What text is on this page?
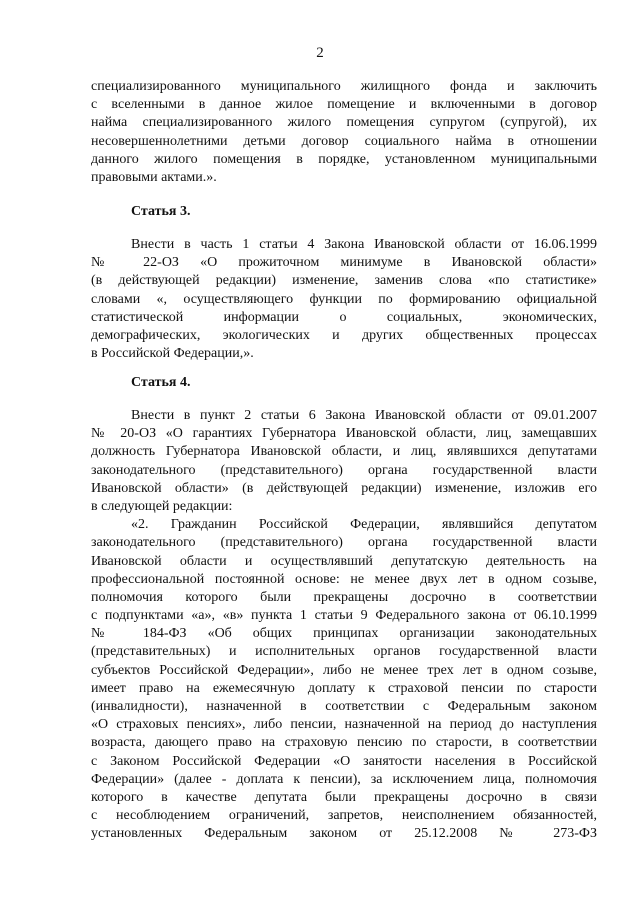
2
специализированного муниципального жилищного фонда и заключить
с вселенными в данное жилое помещение и включенными в договор
найма специализированного жилого помещения супругом (супругой), их
несовершеннолетними детьми договор социального найма в отношении
данного жилого помещения в порядке, установленном муниципальными
правовыми актами.».
Статья 3.
Внести в часть 1 статьи 4 Закона Ивановской области от 16.06.1999
№ 22-ОЗ «О прожиточном минимуме в Ивановской области»
(в действующей редакции) изменение, заменив слова «по статистике»
словами «, осуществляющего функции по формированию официальной
статистической информации о социальных, экономических,
демографических, экологических и других общественных процессах
в Российской Федерации,».
Статья 4.
Внести в пункт 2 статьи 6 Закона Ивановской области от 09.01.2007
№ 20-ОЗ «О гарантиях Губернатора Ивановской области, лиц, замещавших
должность Губернатора Ивановской области, и лиц, являвшихся депутатами
законодательного (представительного) органа государственной власти
Ивановской области» (в действующей редакции) изменение, изложив его
в следующей редакции:
«2. Гражданин Российской Федерации, являвшийся депутатом
законодательного (представительного) органа государственной власти
Ивановской области и осуществлявший депутатскую деятельность на
профессиональной постоянной основе: не менее двух лет в одном созыве,
полномочия которого были прекращены досрочно в соответствии
с подпунктами «а», «в» пункта 1 статьи 9 Федерального закона от 06.10.1999
№ 184-ФЗ «Об общих принципах организации законодательных
(представительных) и исполнительных органов государственной власти
субъектов Российской Федерации», либо не менее трех лет в одном созыве,
имеет право на ежемесячную доплату к страховой пенсии по старости
(инвалидности), назначенной в соответствии с Федеральным законом
«О страховых пенсиях», либо пенсии, назначенной на период до наступления
возраста, дающего право на страховую пенсию по старости, в соответствии
с Законом Российской Федерации «О занятости населения в Российской
Федерации» (далее - доплата к пенсии), за исключением лица, полномочия
которого в качестве депутата были прекращены досрочно в связи
с несоблюдением ограничений, запретов, неисполнением обязанностей,
установленных Федеральным законом от 25.12.2008 № 273-ФЗ
